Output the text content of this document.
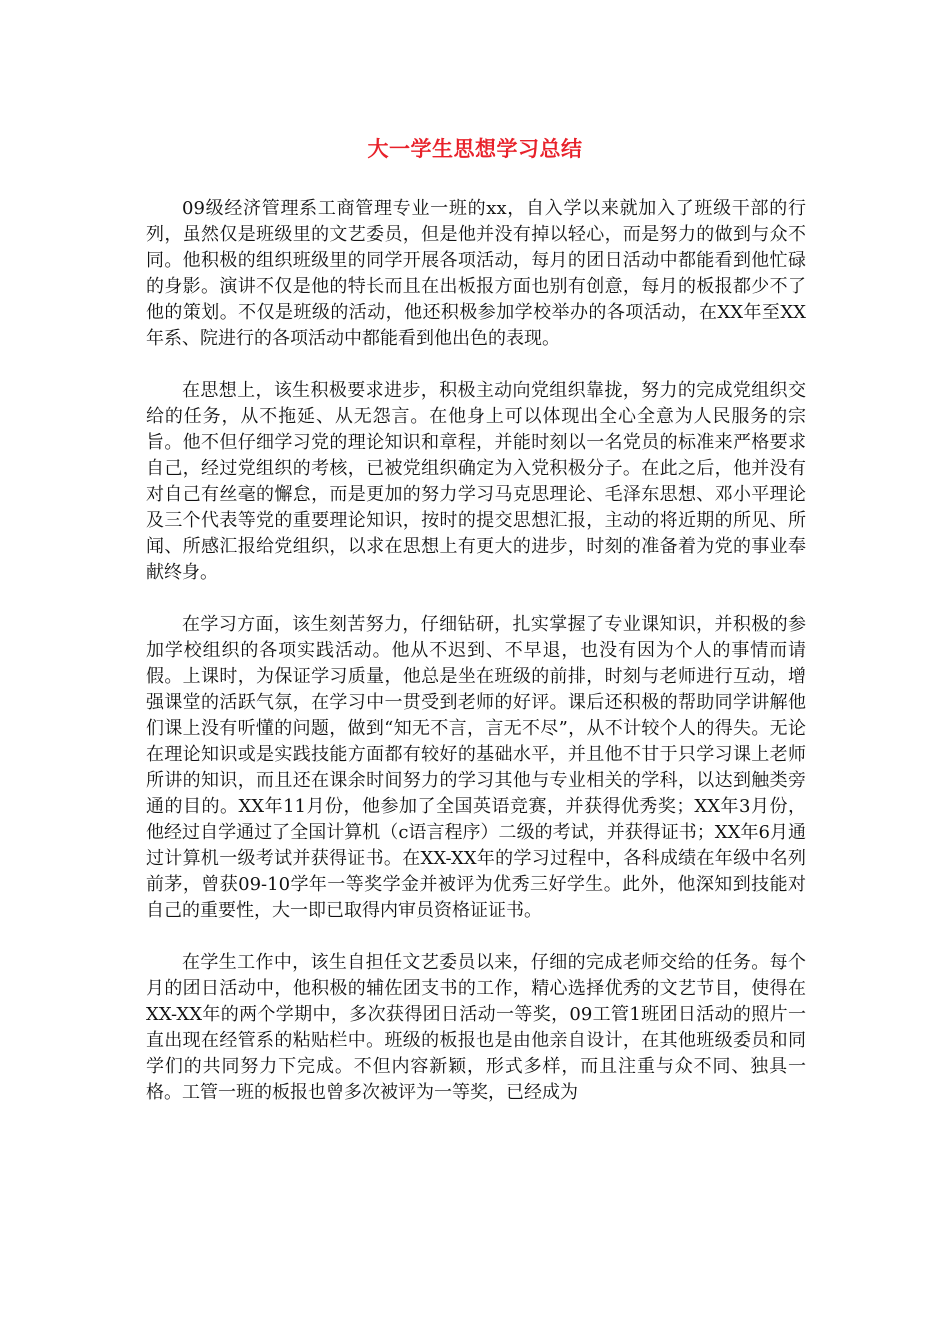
大一学生思想学习总结

09级经济管理系工商管理专业一班的xx，自入学以来就加入了班级干部的行列，虽然仅是班级里的文艺委员，但是他并没有掉以轻心，而是努力的做到与众不同。他积极的组织班级里的同学开展各项活动，每月的团日活动中都能看到他忙碌的身影。演讲不仅是他的特长而且在出板报方面也别有创意，每月的板报都少不了他的策划。不仅是班级的活动，他还积极参加学校举办的各项活动，在XX年至XX年系、院进行的各项活动中都能看到他出色的表现。

在思想上，该生积极要求进步，积极主动向党组织靠拢，努力的完成党组织交给的任务，从不拖延、从无怨言。在他身上可以体现出全心全意为人民服务的宗旨。他不但仔细学习党的理论知识和章程，并能时刻以一名党员的标准来严格要求自己，经过党组织的考核，已被党组织确定为入党积极分子。在此之后，他并没有对自己有丝毫的懈怠，而是更加的努力学习马克思理论、毛泽东思想、邓小平理论及三个代表等党的重要理论知识，按时的提交思想汇报，主动的将近期的所见、所闻、所感汇报给党组织，以求在思想上有更大的进步，时刻的准备着为党的事业奉献终身。

在学习方面，该生刻苦努力，仔细钻研，扎实掌握了专业课知识，并积极的参加学校组织的各项实践活动。他从不迟到、不早退，也没有因为个人的事情而请假。上课时，为保证学习质量，他总是坐在班级的前排，时刻与老师进行互动，增强课堂的活跃气氛，在学习中一贯受到老师的好评。课后还积极的帮助同学讲解他们课上没有听懂的问题，做到“知无不言，言无不尽”，从不计较个人的得失。无论在理论知识或是实践技能方面都有较好的基础水平，并且他不甘于只学习课上老师所讲的知识，而且还在课余时间努力的学习其他与专业相关的学科，以达到触类旁通的目的。XX年11月份，他参加了全国英语竞赛，并获得优秀奖；XX年3月份，他经过自学通过了全国计算机（c语言程序）二级的考试，并获得证书；XX年6月通过计算机一级考试并获得证书。在XX-XX年的学习过程中，各科成绩在年级中名列前茅，曾获09-10学年一等奖学金并被评为优秀三好学生。此外，他深知到技能对自己的重要性，大一即已取得内审员资格证证书。

在学生工作中，该生自担任文艺委员以来，仔细的完成老师交给的任务。每个月的团日活动中，他积极的辅佐团支书的工作，精心选择优秀的文艺节目，使得在XX-XX年的两个学期中，多次获得团日活动一等奖，09工管1班团日活动的照片一直出现在经管系的粘贴栏中。班级的板报也是由他亲自设计，在其他班级委员和同学们的共同努力下完成。不但内容新颖，形式多样，而且注重与众不同、独具一格。工管一班的板报也曾多次被评为一等奖，已经成为
